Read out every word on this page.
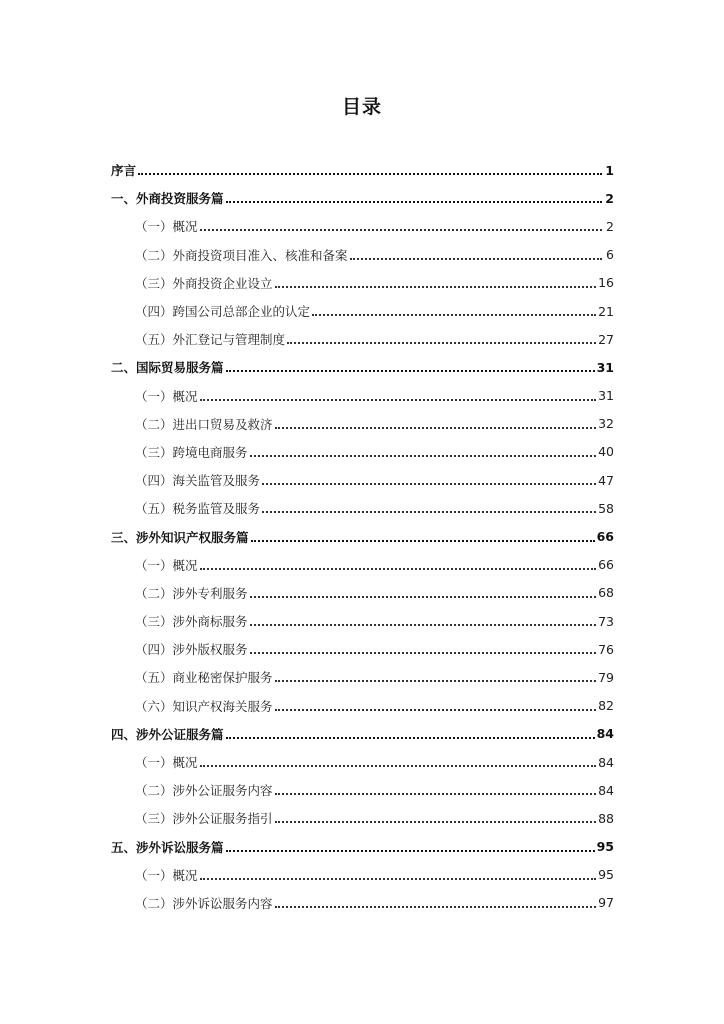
目录
序言	1
一、外商投资服务篇	2
（一）概况	2
（二）外商投资项目准入、核准和备案	6
（三）外商投资企业设立	16
（四）跨国公司总部企业的认定	21
（五）外汇登记与管理制度	27
二、国际贸易服务篇	31
（一）概况	31
（二）进出口贸易及救济	32
（三）跨境电商服务	40
（四）海关监管及服务	47
（五）税务监管及服务	58
三、涉外知识产权服务篇	66
（一）概况	66
（二）涉外专利服务	68
（三）涉外商标服务	73
（四）涉外版权服务	76
（五）商业秘密保护服务	79
（六）知识产权海关服务	82
四、涉外公证服务篇	84
（一）概况	84
（二）涉外公证服务内容	84
（三）涉外公证服务指引	88
五、涉外诉讼服务篇	95
（一）概况	95
（二）涉外诉讼服务内容	97
